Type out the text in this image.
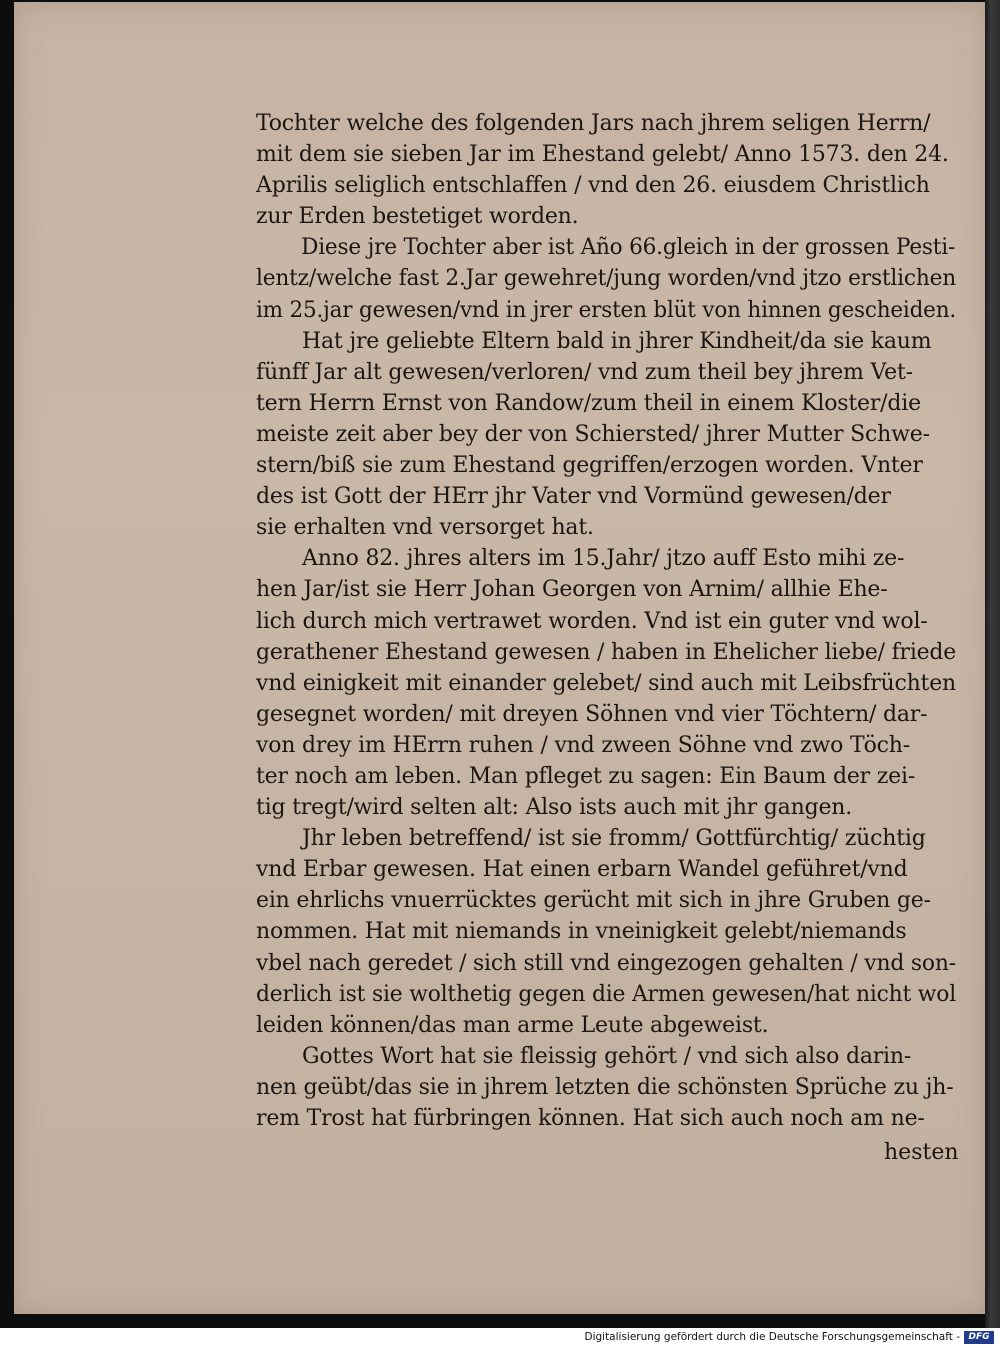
Tochter welche des folgenden Jars nach jhrem seligen Herrn/
mit dem sie sieben Jar im Ehestand gelebt/ Anno 1573. den 24.
Aprilis seliglich entschlaffen / vnd den 26. eiusdem Christlich
zur Erden bestetiget worden.
Diese jre Tochter aber ist Año 66.gleich in der grossen Pesti-
lentz/welche fast 2.Jar gewehret/jung worden/vnd jtzo erstlichen
im 25.jar gewesen/vnd in jrer ersten blüt von hinnen gescheiden.
Hat jre geliebte Eltern bald in jhrer Kindheit/da sie kaum
fünff Jar alt gewesen/verloren/ vnd zum theil bey jhrem Vet-
tern Herrn Ernst von Randow/zum theil in einem Kloster/die
meiste zeit aber bey der von Schiersted/ jhrer Mutter Schwe-
stern/biß sie zum Ehestand gegriffen/erzogen worden. Vnter
des ist Gott der HErr jhr Vater vnd Vormünd gewesen/der
sie erhalten vnd versorget hat.
Anno 82. jhres alters im 15.Jahr/ jtzo auff Esto mihi ze-
hen Jar/ist sie Herr Johan Georgen von Arnim/ allhie Ehe-
lich durch mich vertrawet worden. Vnd ist ein guter vnd wol-
gerathener Ehestand gewesen / haben in Ehelicher liebe/ friede
vnd einigkeit mit einander gelebet/ sind auch mit Leibsfrüchten
gesegnet worden/ mit dreyen Söhnen vnd vier Töchtern/ dar-
von drey im HErrn ruhen / vnd zween Söhne vnd zwo Töch-
ter noch am leben. Man pfleget zu sagen: Ein Baum der zei-
tig tregt/wird selten alt: Also ists auch mit jhr gangen.
Jhr leben betreffend/ ist sie fromm/ Gottfürchtig/ züchtig
vnd Erbar gewesen. Hat einen erbarn Wandel geführet/vnd
ein ehrlichs vnuerrücktes gerücht mit sich in jhre Gruben ge-
nommen. Hat mit niemands in vneinigkeit gelebt/niemands
vbel nach geredet / sich still vnd eingezogen gehalten / vnd son-
derlich ist sie wolthetig gegen die Armen gewesen/hat nicht wol
leiden können/das man arme Leute abgeweist.
Gottes Wort hat sie fleissig gehört / vnd sich also darin-
nen geübt/das sie in jhrem letzten die schönsten Sprüche zu jh-
rem Trost hat fürbringen können. Hat sich auch noch am ne-
hesten
Digitalisierung gefördert durch die Deutsche Forschungsgemeinschaft - DFG
